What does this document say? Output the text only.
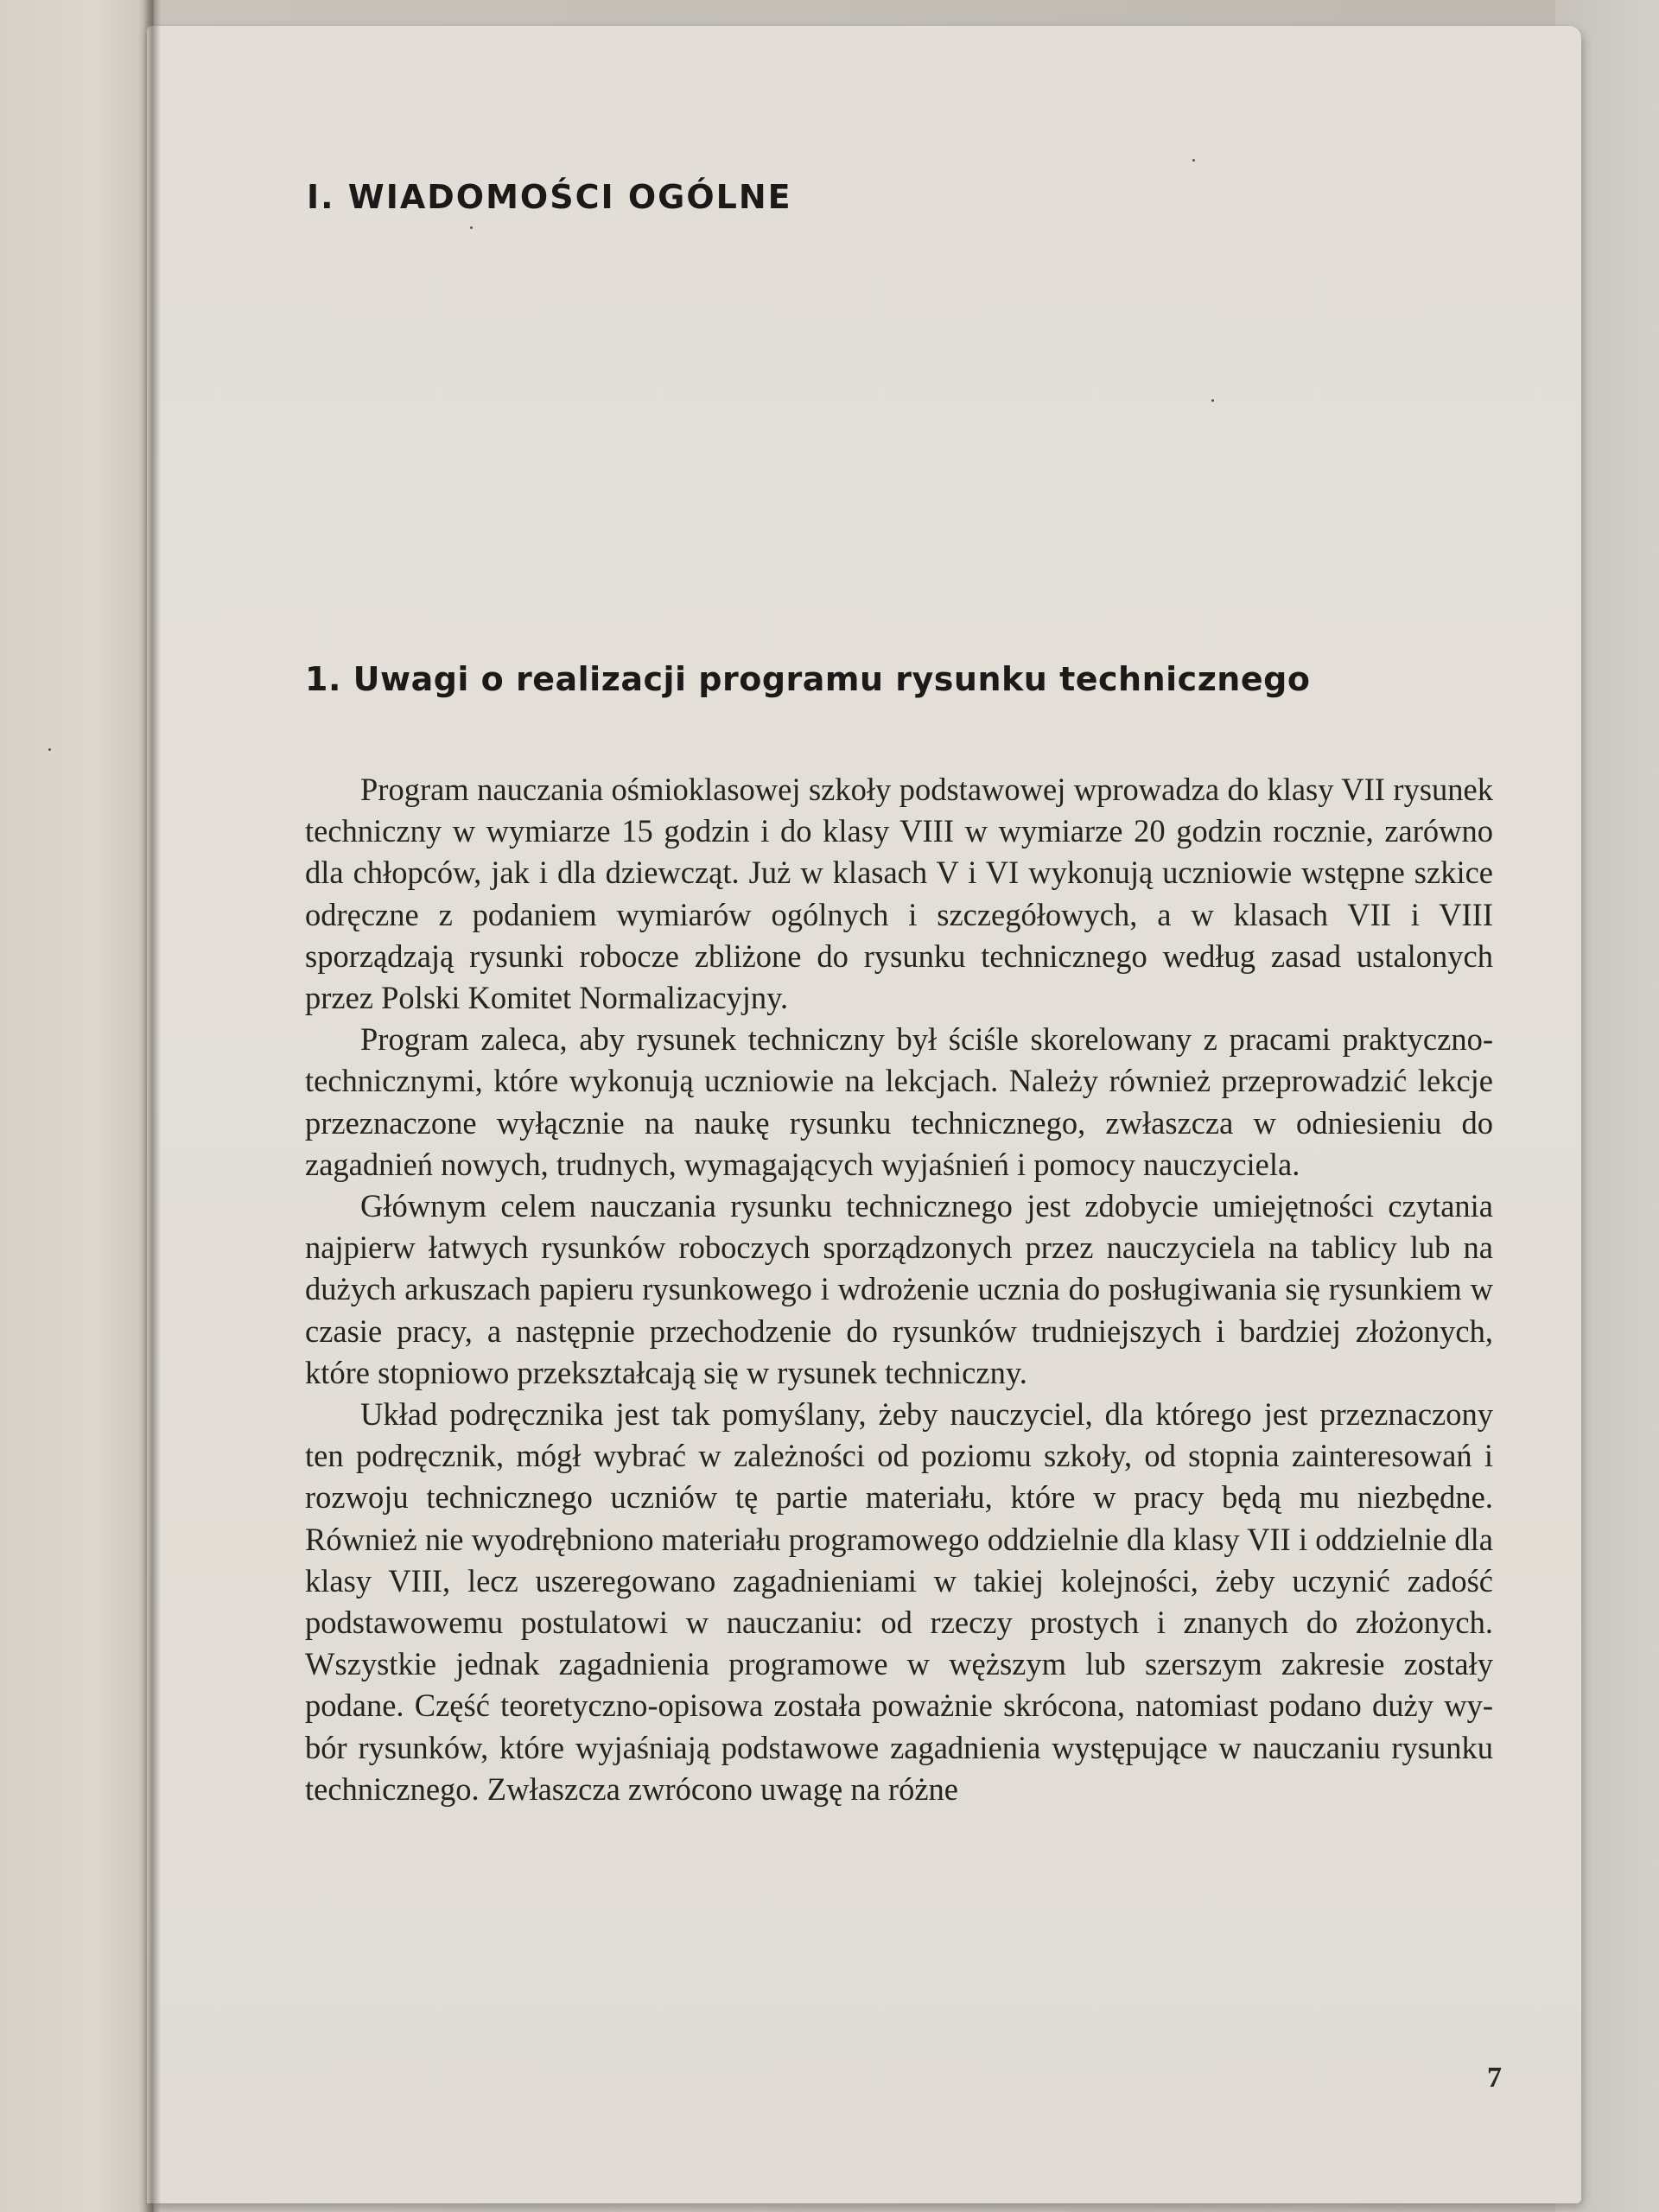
I. WIADOMOŚCI OGÓLNE
1. Uwagi o realizacji programu rysunku technicznego

Program nauczania ośmioklasowej szkoły podstawowej wprowadza do klasy VII rysunek techniczny w wymiarze 15 godzin i do klasy VIII w wymiarze 20 godzin rocznie, zarówno dla chłopców, jak i dla dziewcząt. Już w klasach V i VI wykonują uczniowie wstępne szkice odręczne z podaniem wymiarów ogólnych i szczegółowych, a w klasach VII i VIII sporządzają rysunki robocze zbliżone do rysunku technicznego według zasad ustalonych przez Polski Komitet Normalizacyjny.

Program zaleca, aby rysunek techniczny był ściśle skorelowany z pracami praktyczno-technicznymi, które wykonują uczniowie na lekcjach. Należy również przeprowadzić lekcje przeznaczone wyłącznie na naukę rysunku technicznego, zwłaszcza w odniesieniu do zagadnień nowych, trudnych, wymagających wyjaśnień i pomocy nauczyciela.

Głównym celem nauczania rysunku technicznego jest zdobycie umiejętności czytania najpierw łatwych rysunków roboczych sporządzonych przez nauczyciela na tablicy lub na dużych arkuszach papieru rysunkowego i wdrożenie ucznia do posługiwania się rysunkiem w czasie pracy, a następnie przechodzenie do rysunków trudniejszych i bardziej złożonych, które stopniowo przekształcają się w rysunek techniczny.

Układ podręcznika jest tak pomyślany, żeby nauczyciel, dla którego jest przeznaczony ten podręcznik, mógł wybrać w zależności od poziomu szkoły, od stopnia zainteresowań i rozwoju technicznego uczniów tę partie materiału, które w pracy będą mu niezbędne. Również nie wyodrębniono materiału programowego oddzielnie dla klasy VII i oddzielnie dla klasy VIII, lecz uszeregowano zagadnieniami w takiej kolejności, żeby uczynić zadość podstawowemu postulatowi w nauczaniu: od rzeczy prostych i znanych do złożonych. Wszystkie jednak zagadnienia programowe w węższym lub szerszym zakresie zostały podane. Część teoretyczno-opisowa została poważnie skrócona, natomiast podano duży wybór rysunków, które wyjaśniają podstawowe zagadnienia występujące w nauczaniu rysunku technicznego. Zwłaszcza zwrócono uwagę na różne

7
